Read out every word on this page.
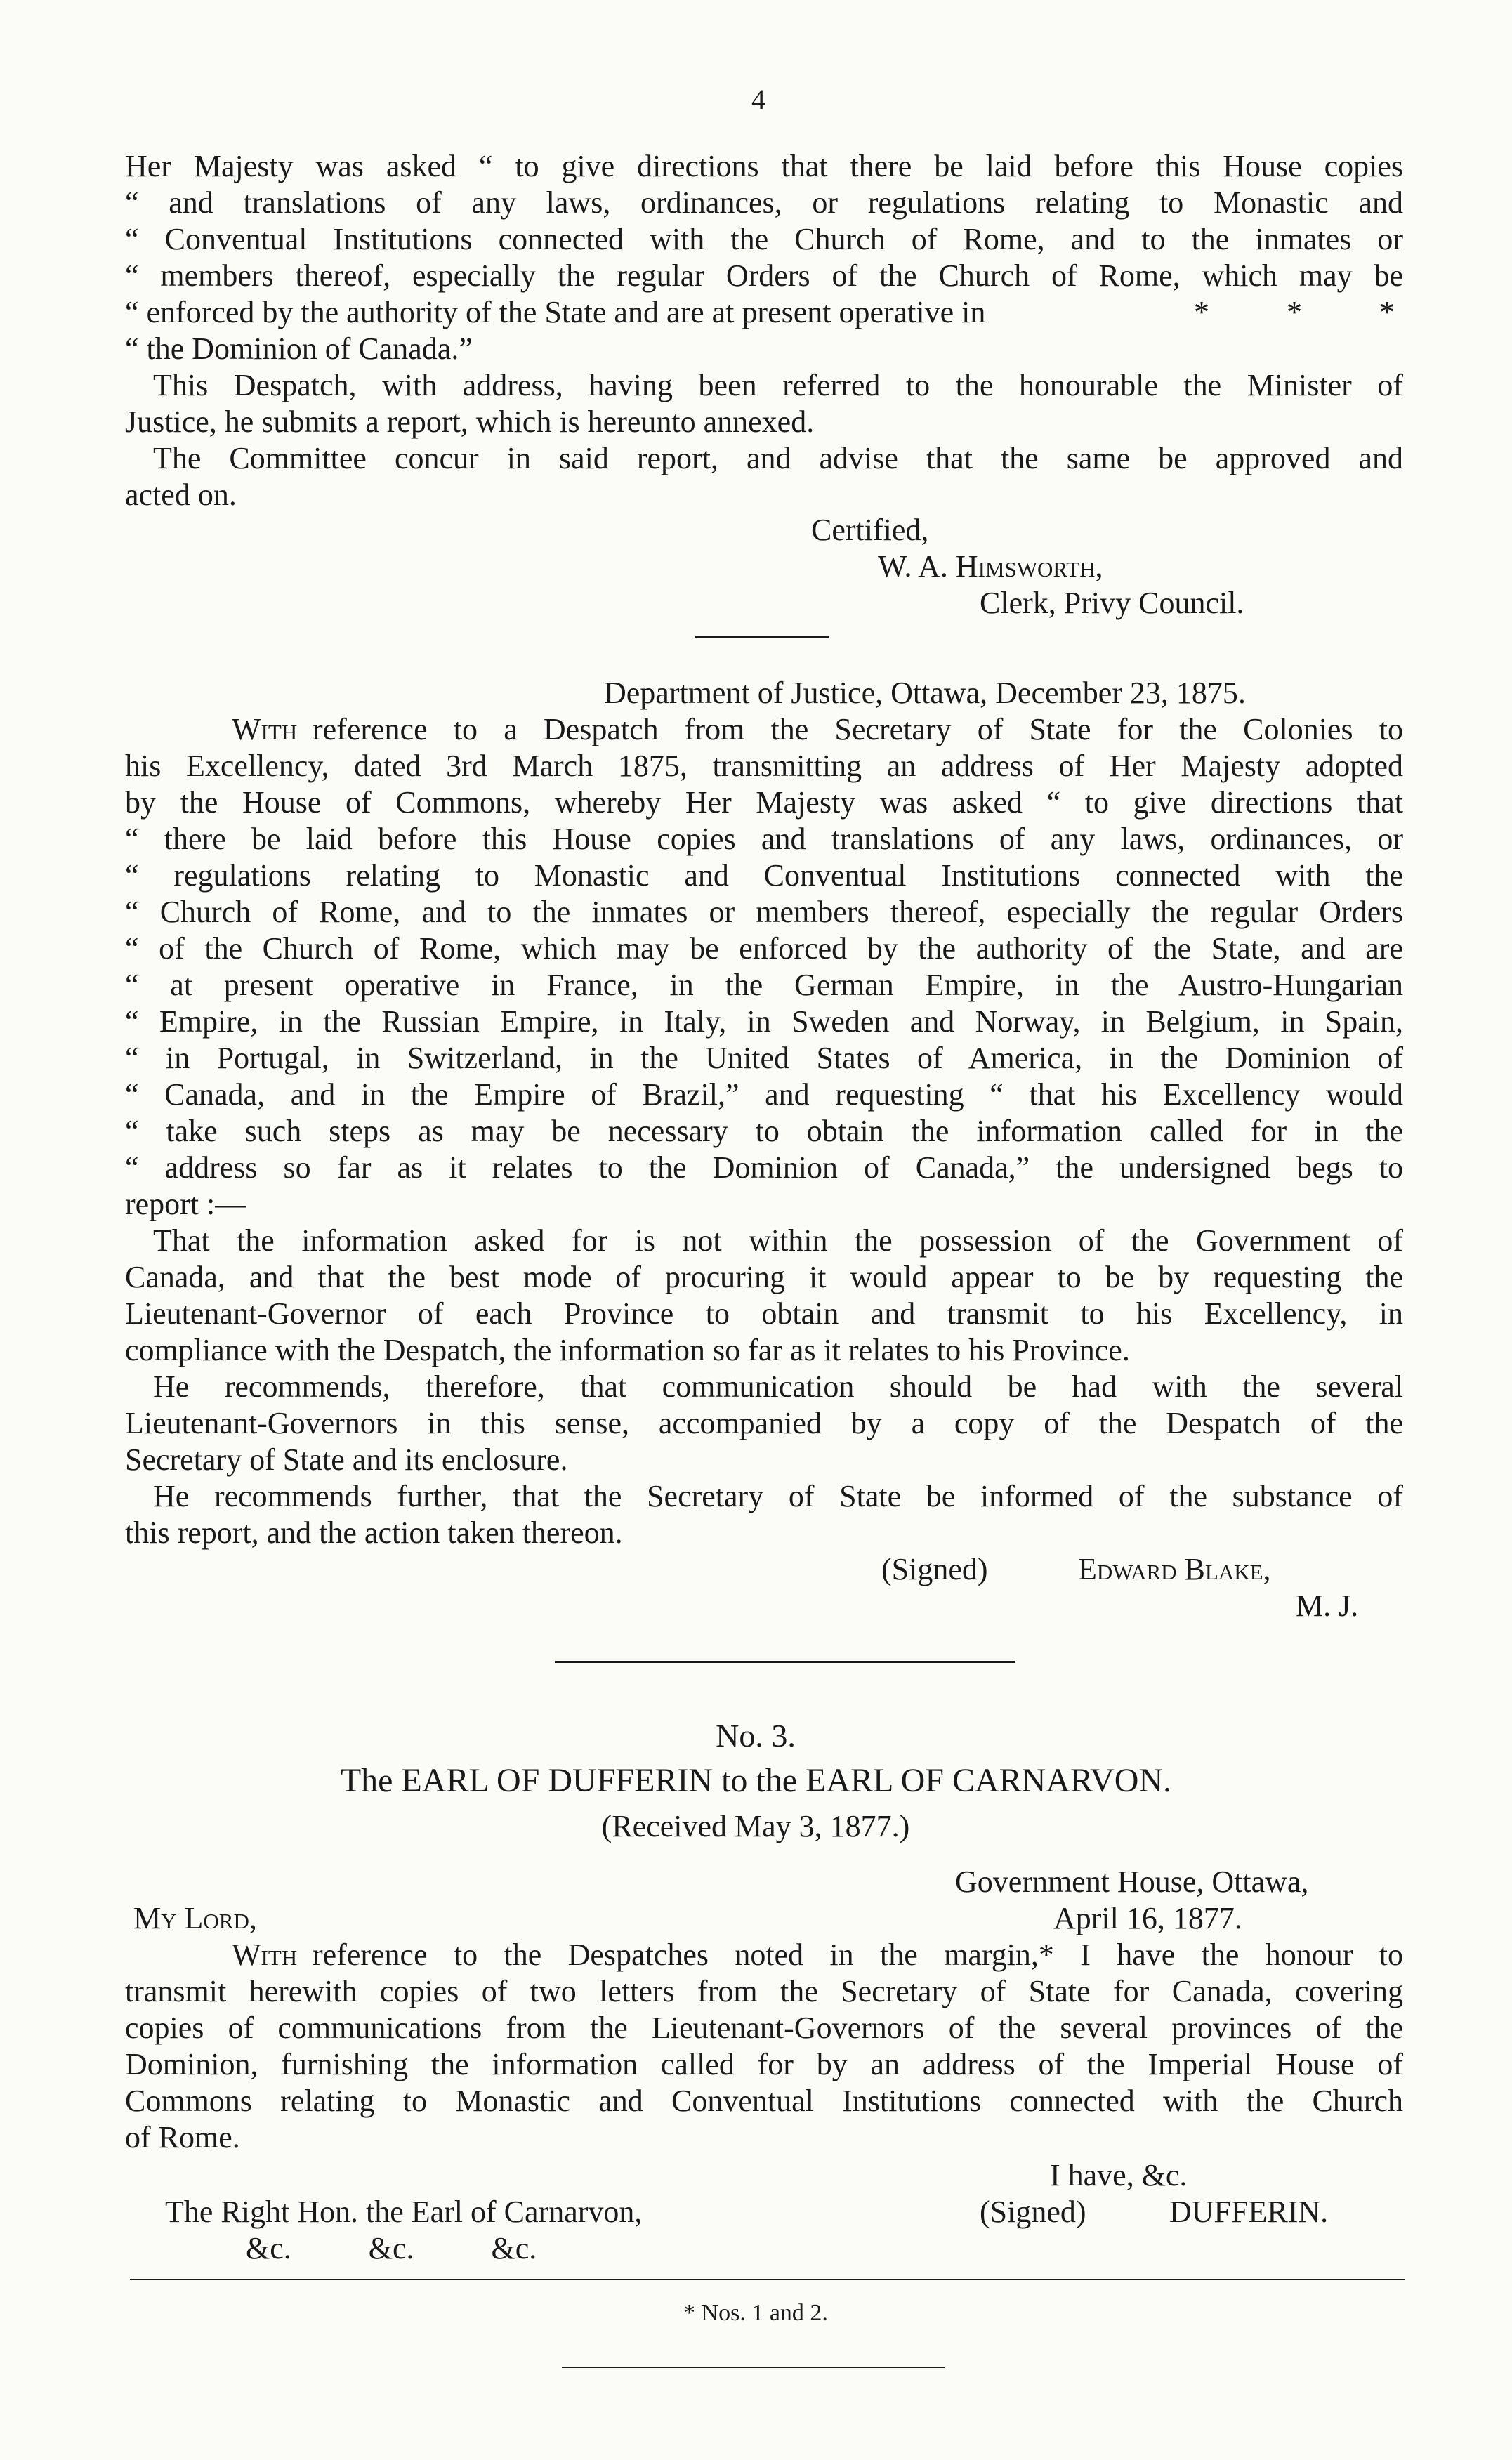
4
Her Majesty was asked “ to give directions that there be laid before this House copies
“ and translations of any laws, ordinances, or regulations relating to Monastic and
“ Conventual Institutions connected with the Church of Rome, and to the inmates or
“ members thereof, especially the regular Orders of the Church of Rome, which may be
“ enforced by the authority of the State and are at present operative in	*          *          *
“ the Dominion of Canada.”
This Despatch, with address, having been referred to the honourable the Minister of
Justice, he submits a report, which is hereunto annexed.
The Committee concur in said report, and advise that the same be approved and
acted on.
Certified,
W. A. Himsworth,
Clerk, Privy Council.
Department of Justice, Ottawa, December 23, 1875.
With reference to a Despatch from the Secretary of State for the Colonies to
his Excellency, dated 3rd March 1875, transmitting an address of Her Majesty adopted
by the House of Commons, whereby Her Majesty was asked “ to give directions that
“ there be laid before this House copies and translations of any laws, ordinances, or
“ regulations relating to Monastic and Conventual Institutions connected with the
“ Church of Rome, and to the inmates or members thereof, especially the regular Orders
“ of the Church of Rome, which may be enforced by the authority of the State, and are
“ at present operative in France, in the German Empire, in the Austro-Hungarian
“ Empire, in the Russian Empire, in Italy, in Sweden and Norway, in Belgium, in Spain,
“ in Portugal, in Switzerland, in the United States of America, in the Dominion of
“ Canada, and in the Empire of Brazil,” and requesting “ that his Excellency would
“ take such steps as may be necessary to obtain the information called for in the
“ address so far as it relates to the Dominion of Canada,” the undersigned begs to
report :—
That the information asked for is not within the possession of the Government of
Canada, and that the best mode of procuring it would appear to be by requesting the
Lieutenant-Governor of each Province to obtain and transmit to his Excellency, in
compliance with the Despatch, the information so far as it relates to his Province.
He recommends, therefore, that communication should be had with the several
Lieutenant-Governors in this sense, accompanied by a copy of the Despatch of the
Secretary of State and its enclosure.
He recommends further, that the Secretary of State be informed of the substance of
this report, and the action taken thereon.
(Signed)	Edward Blake,
M. J.
No. 3.
The EARL OF DUFFERIN to the EARL OF CARNARVON.
(Received May 3, 1877.)
Government House, Ottawa,
My Lord,	April 16, 1877.
With reference to the Despatches noted in the margin,* I have the honour to
transmit herewith copies of two letters from the Secretary of State for Canada, covering
copies of communications from the Lieutenant-Governors of the several provinces of the
Dominion, furnishing the information called for by an address of the Imperial House of
Commons relating to Monastic and Conventual Institutions connected with the Church
of Rome.
I have, &c.
The Right Hon. the Earl of Carnarvon,	(Signed)	DUFFERIN.
&c.          &c.          &c.
* Nos. 1 and 2.
